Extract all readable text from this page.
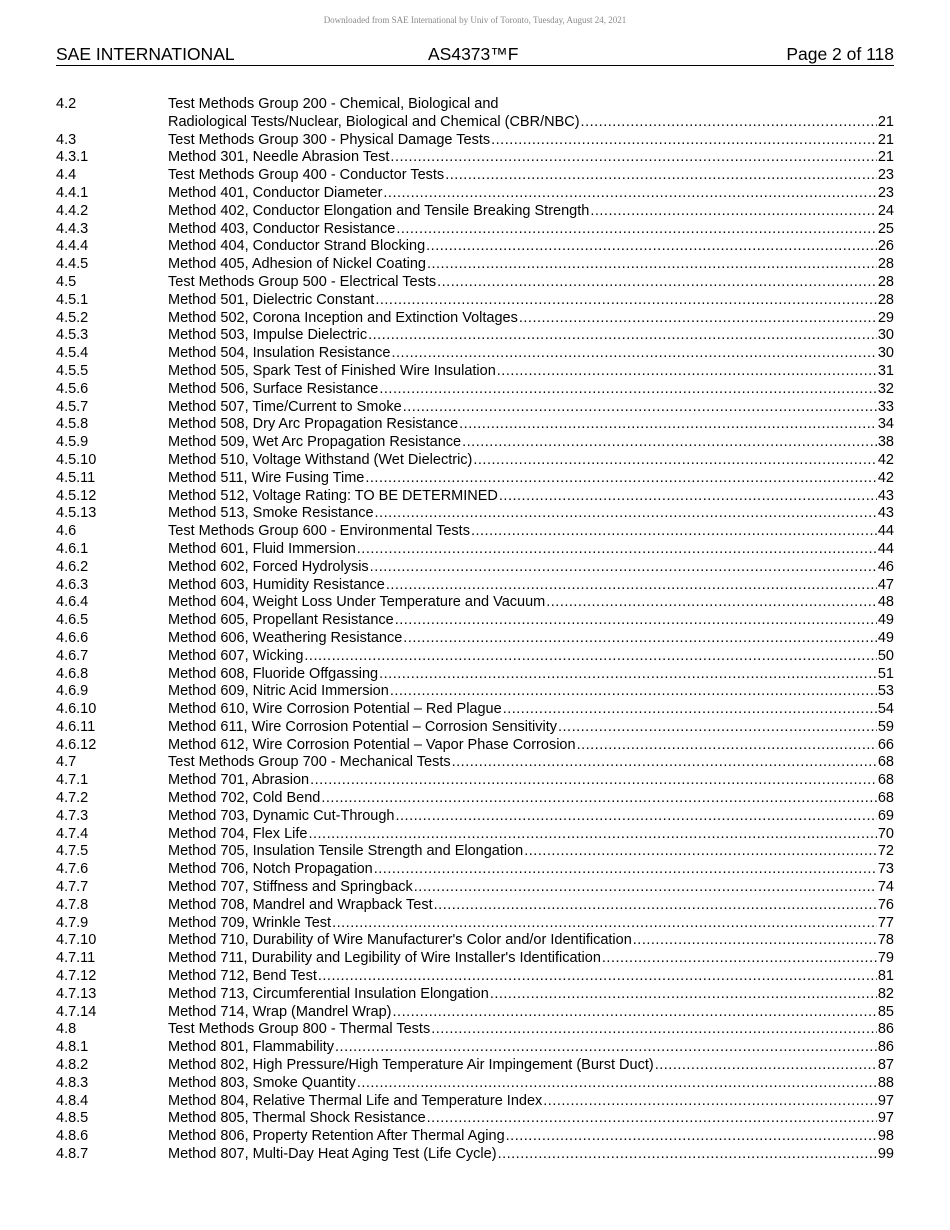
Downloaded from SAE International by Univ of Toronto, Tuesday, August 24, 2021
SAE INTERNATIONAL	AS4373™F	Page 2 of 118
4.2	Test Methods Group 200 - Chemical, Biological and
Radiological Tests/Nuclear, Biological and Chemical (CBR/NBC) .....	21
4.3	Test Methods Group 300 - Physical Damage Tests .....	21
4.3.1	Method 301, Needle Abrasion Test .....	21
4.4	Test Methods Group 400 - Conductor Tests .....	23
4.4.1	Method 401, Conductor Diameter .....	23
4.4.2	Method 402, Conductor Elongation and Tensile Breaking Strength .....	24
4.4.3	Method 403, Conductor Resistance .....	25
4.4.4	Method 404, Conductor Strand Blocking .....	26
4.4.5	Method 405, Adhesion of Nickel Coating .....	28
4.5	Test Methods Group 500 - Electrical Tests .....	28
4.5.1	Method 501, Dielectric Constant .....	28
4.5.2	Method 502, Corona Inception and Extinction Voltages .....	29
4.5.3	Method 503, Impulse Dielectric .....	30
4.5.4	Method 504, Insulation Resistance .....	30
4.5.5	Method 505, Spark Test of Finished Wire Insulation .....	31
4.5.6	Method 506, Surface Resistance .....	32
4.5.7	Method 507, Time/Current to Smoke .....	33
4.5.8	Method 508, Dry Arc Propagation Resistance .....	34
4.5.9	Method 509, Wet Arc Propagation Resistance .....	38
4.5.10	Method 510, Voltage Withstand (Wet Dielectric) .....	42
4.5.11	Method 511, Wire Fusing Time .....	42
4.5.12	Method 512, Voltage Rating: TO BE DETERMINED .....	43
4.5.13	Method 513, Smoke Resistance .....	43
4.6	Test Methods Group 600 - Environmental Tests .....	44
4.6.1	Method 601, Fluid Immersion .....	44
4.6.2	Method 602, Forced Hydrolysis .....	46
4.6.3	Method 603, Humidity Resistance .....	47
4.6.4	Method 604, Weight Loss Under Temperature and Vacuum .....	48
4.6.5	Method 605, Propellant Resistance .....	49
4.6.6	Method 606, Weathering Resistance .....	49
4.6.7	Method 607, Wicking .....	50
4.6.8	Method 608, Fluoride Offgassing .....	51
4.6.9	Method 609, Nitric Acid Immersion .....	53
4.6.10	Method 610, Wire Corrosion Potential – Red Plague .....	54
4.6.11	Method 611, Wire Corrosion Potential – Corrosion Sensitivity .....	59
4.6.12	Method 612, Wire Corrosion Potential – Vapor Phase Corrosion .....	66
4.7	Test Methods Group 700 - Mechanical Tests .....	68
4.7.1	Method 701, Abrasion .....	68
4.7.2	Method 702, Cold Bend .....	68
4.7.3	Method 703, Dynamic Cut-Through .....	69
4.7.4	Method 704, Flex Life .....	70
4.7.5	Method 705, Insulation Tensile Strength and Elongation .....	72
4.7.6	Method 706, Notch Propagation .....	73
4.7.7	Method 707, Stiffness and Springback .....	74
4.7.8	Method 708, Mandrel and Wrapback Test .....	76
4.7.9	Method 709, Wrinkle Test .....	77
4.7.10	Method 710, Durability of Wire Manufacturer's Color and/or Identification .....	78
4.7.11	Method 711, Durability and Legibility of Wire Installer's Identification .....	79
4.7.12	Method 712, Bend Test .....	81
4.7.13	Method 713, Circumferential Insulation Elongation .....	82
4.7.14	Method 714, Wrap (Mandrel Wrap) .....	85
4.8	Test Methods Group 800 - Thermal Tests .....	86
4.8.1	Method 801, Flammability .....	86
4.8.2	Method 802, High Pressure/High Temperature Air Impingement (Burst Duct) .....	87
4.8.3	Method 803, Smoke Quantity .....	88
4.8.4	Method 804, Relative Thermal Life and Temperature Index .....	97
4.8.5	Method 805, Thermal Shock Resistance .....	97
4.8.6	Method 806, Property Retention After Thermal Aging .....	98
4.8.7	Method 807, Multi-Day Heat Aging Test (Life Cycle) .....	99
